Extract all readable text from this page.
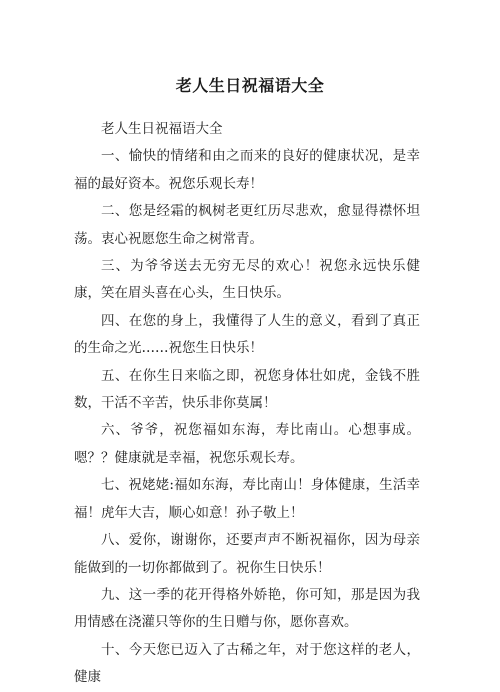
老人生日祝福语大全

老人生日祝福语大全

一、愉快的情绪和由之而来的良好的健康状况，是幸福的最好资本。祝您乐观长寿！

二、您是经霜的枫树老更红历尽悲欢，愈显得襟怀坦荡。衷心祝愿您生命之树常青。

三、为爷爷送去无穷无尽的欢心！祝您永远快乐健康，笑在眉头喜在心头，生日快乐。

四、在您的身上，我懂得了人生的意义，看到了真正的生命之光……祝您生日快乐！

五、在你生日来临之即，祝您身体壮如虎，金钱不胜数，干活不辛苦，快乐非你莫属！

六、爷爷，祝您福如东海，寿比南山。心想事成。嗯？？健康就是幸福，祝您乐观长寿。

七、祝姥姥:福如东海，寿比南山！身体健康，生活幸福！虎年大吉，顺心如意！孙子敬上！

八、爱你，谢谢你，还要声声不断祝福你，因为母亲能做到的一切你都做到了。祝你生日快乐！

九、这一季的花开得格外娇艳，你可知，那是因为我用情感在浇灌只等你的生日赠与你，愿你喜欢。

十、今天您已迈入了古稀之年，对于您这样的老人，健康
